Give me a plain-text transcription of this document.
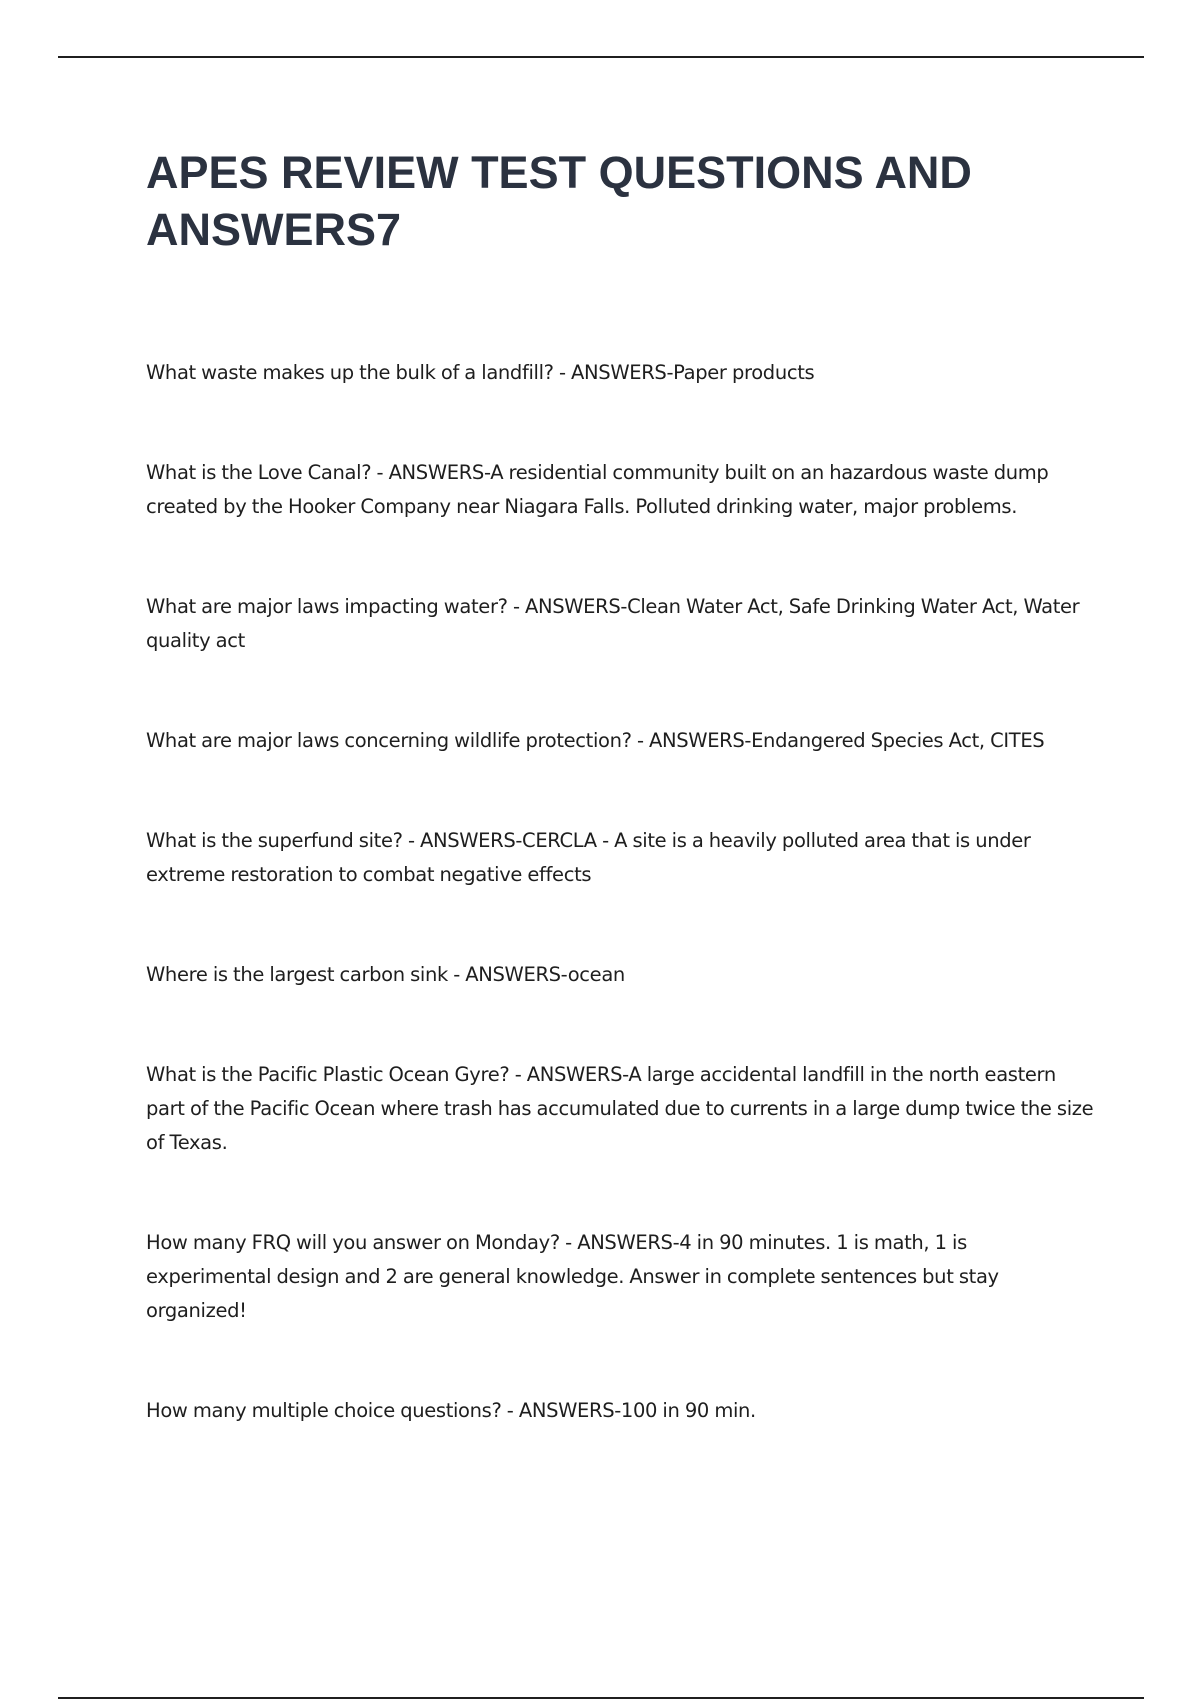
APES REVIEW TEST QUESTIONS AND ANSWERS7
What waste makes up the bulk of a landfill? - ANSWERS-Paper products
What is the Love Canal? - ANSWERS-A residential community built on an hazardous waste dump created by the Hooker Company near Niagara Falls. Polluted drinking water, major problems.
What are major laws impacting water? - ANSWERS-Clean Water Act, Safe Drinking Water Act, Water quality act
What are major laws concerning wildlife protection? - ANSWERS-Endangered Species Act, CITES
What is the superfund site? - ANSWERS-CERCLA - A site is a heavily polluted area that is under extreme restoration to combat negative effects
Where is the largest carbon sink - ANSWERS-ocean
What is the Pacific Plastic Ocean Gyre? - ANSWERS-A large accidental landfill in the north eastern part of the Pacific Ocean where trash has accumulated due to currents in a large dump twice the size of Texas.
How many FRQ will you answer on Monday? - ANSWERS-4 in 90 minutes. 1 is math, 1 is experimental design and 2 are general knowledge. Answer in complete sentences but stay organized!
How many multiple choice questions? - ANSWERS-100 in 90 min.
